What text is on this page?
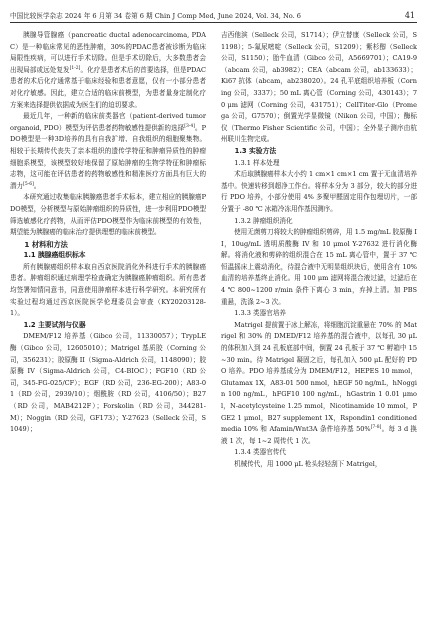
中国比较医学杂志 2024 年 6 月第 34 卷第 6 期 Chin J Comp Med, June 2024, Vol. 34, No. 6	41

胰腺导管腺癌（pancreatic ductal adenocarcinoma, PDAC）是一种临床常见的恶性肿瘤，30%的PDAC患者被诊断为临床局限性疾病，可以进行手术切除。但是手术切除后，大多数患者会出现局部或远处复发[1-2]。化疗是患者术后的首要选择，但是PDAC患者的术后化疗通常基于临床经验和患者意愿，仅有一小部分患者对化疗敏感。因此，建立合适的临床前模型，为患者量身定制化疗方案来选择提供依据成为医生们的迫切要求。

最近几年，一种新的临床前类器官（patient-derived tumor organoid, PDO）模型为评估患者药物敏感性提供新的选择[3-4]。PDO模型是一种3D培养的具有自我扩增、自我组织的细胞聚集物。相较于长期传代丧失了亲本组织的遗传学特征和肿瘤异质性的肿瘤细胞系模型，该模型较好地保留了原始肿瘤的生物学特征和肿瘤标志物，这可能在评估患者的药物敏感性和精准医疗方面具有巨大的潜力[5-6]。

本研究通过收集临床胰腺癌患者手术标本，建立相应的胰腺癌PDO模型，分析模型与原始肿瘤组织的异质性，进一步利用PDO模型筛选敏感化疗药物，从而评估PDO模型作为临床前模型的有效性，期望能为胰腺癌的临床治疗提供理想的临床前模型。

1 材料和方法

1.1 胰腺癌组织标本

所有胰腺癌组织样本取自西京医院消化外科进行手术的胰腺癌患者。肿瘤组织通过病理学检查确定为胰腺癌肿瘤组织。所有患者均签署知情同意书，同意使用肿瘤样本进行科学研究。本研究所有实验过程均通过西京医院医学伦理委员会审查（KY20203128-1）。

1.2 主要试剂与仪器

DMEM/F12 培养基（Gibco 公司，11330057）；TrypLE 酶（Gibco 公司，12605010）；Matrigel 基质胶（Corning 公司，356231）；胶原酶 II（Sigma-Aldrich 公司，1148090）；胶原酶 IV（Sigma-Aldrich 公司，C4-BIOC）；FGF10（RD 公司，345-FG-025/CF）；EGF（RD 公司，236-EG-200）；A83-01（RD 公司，2939/10）；烟酰胺（RD 公司，4106/50）；B27（RD 公司，MAB4212F）；Forskolin（RD 公司，344281-M）；Noggin（RD 公司，GF173）；Y-27623（Selleck 公司，S1049）；

吉西他滨（Selleck 公司，S1714）；伊立替康（Selleck 公司，S1198）；5-氟尿嘧啶（Selleck 公司，S1209）；紫杉醇（Selleck 公司，S1150）；胎牛血清（Gibco 公司，A5669701）；CA19-9（abcam 公司，ab3982）；CEA（abcam 公司，ab133633）；Ki67 抗体（abcam，ab238020）。24 孔平底组织培养板（Corning 公司，3337）；50 mL 离心管（Corning 公司，430143）；70 μm 滤网（Corning 公司，431751）；CellTiter-Glo（Promega 公司，G7570）；倒置光学显微镜（Nikon 公司，中国）；酶标仪（Thermo Fisher Scientific 公司，中国）；全外显子测序由杭州联川生物完成。

1.3 实验方法

1.3.1 样本处理

术后取胰腺癌样本大小约 1 cm×1 cm×1 cm 置于无血清培养基中。快速转移到超净工作台。将样本分为 3 部分，较大的部分进行 PDO 培养，小部分使用 4% 多聚甲醛固定用作包埋切片，一部分置于 -80 ℃ 冰箱冷冻用作基因测序。

1.3.2 肿瘤组织消化

使用无菌剪刀将较大的肿瘤组织剪碎，用 1.5 mg/mL 胶原酶 II，10ug/mL 透明质酸酶 IV 和 10 μmol Y-27632 进行消化酶解。将消化液和剪碎的组织混合在 15 mL 离心管中，置于 37 ℃ 恒温摇床上震动消化，待混合液中无明显组织块后，使用含有 10% 血清的培养基终止消化。用 100 μm 滤网将混合液过滤，过滤后在 4 ℃ 800~1200 r/min 条件下离心 3 min，弃掉上清。加 PBS 重悬，洗涤 2~3 次。

1.3.3 类器官培养

Matrigel 提前置于冰上解冻，将细胞沉淀重悬在 70% 的 Matrigel 和 30% 的 DMED/F12 培养基的混合液中，以每孔 30 μL 的体积加入到 24 孔板底部中间，倒置 24 孔板于 37 ℃ 孵箱中 15~30 min。待 Matrigel 凝固之后，每孔加入 500 μL 配好的 PDO 培养。PDO 培养基成分为 DMEM/F12，HEPES 10 mmol，Glutamax 1X，A83-01 500 nmol，hEGF 50 ng/mL，hNoggin 100 ng/mL，hFGF10 100 ng/mL，hGastrin 1 0.01 μmol，N-acetylcysteine 1.25 mmol，Nicotinamide 10 mmol，PGE2 1 μmol，B27 supplement 1X，Rspondin1 conditioned media 10% 和 Afamin/Wnt3A 条件培养基 50%[7-8]。每 3 d 换液 1 次，每 1~2 周传代 1 次。

1.3.4 类器官传代

机械传代，用 1000 μL 枪头轻轻刮下 Matrigel，
